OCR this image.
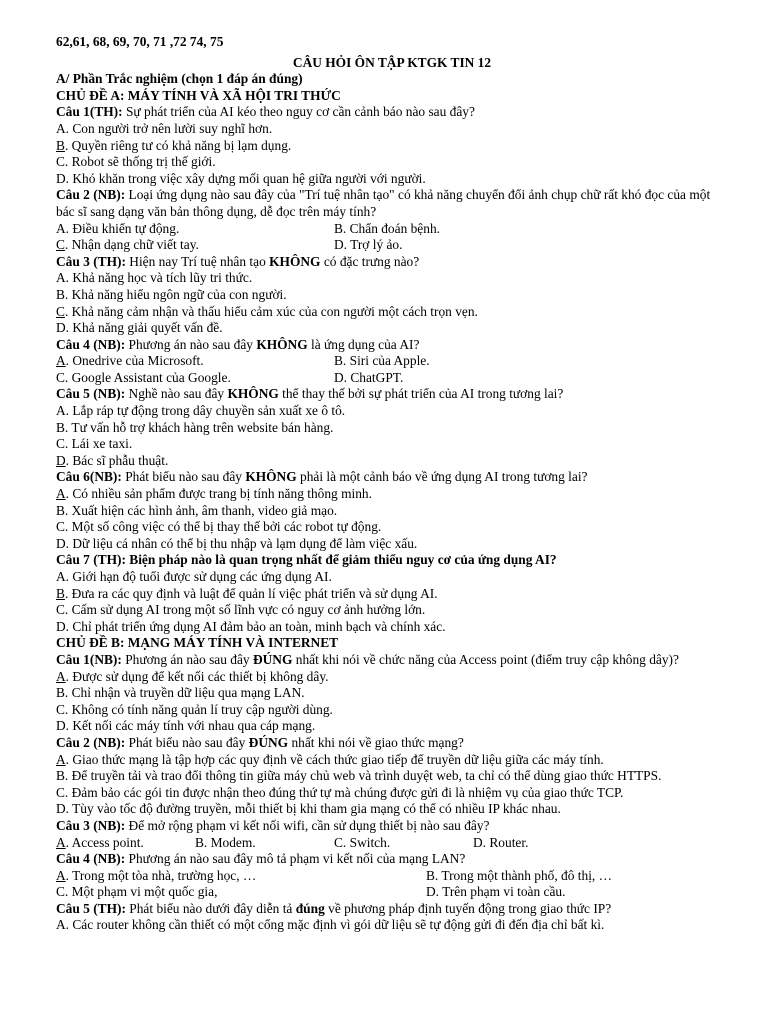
62,61, 68, 69, 70, 71 ,72 74, 75
CÂU HỎI ÔN TẬP KTGK TIN 12
A/ Phần Trắc nghiệm (chọn 1 đáp án đúng)
CHỦ ĐỀ A: MÁY TÍNH VÀ XÃ HỘI TRI THỨC
Câu 1(TH): Sự phát triển của AI kéo theo nguy cơ cần cảnh báo nào sau đây?
A. Con người trở nên lười suy nghĩ hơn.
B. Quyền riêng tư có khả năng bị lạm dụng.
C. Robot sẽ thống trị thế giới.
D. Khó khăn trong việc xây dựng mối quan hệ giữa người với người.
Câu 2 (NB): Loại ứng dụng nào sau đây của "Trí tuệ nhân tạo" có khả năng chuyển đổi ảnh chụp chữ rất khó đọc của một bác sĩ sang dạng văn bản thông dụng, dễ đọc trên máy tính?
A. Điều khiển tự động.	B. Chẩn đoán bệnh.
C. Nhận dạng chữ viết tay.	D. Trợ lý ảo.
Câu 3 (TH): Hiện nay Trí tuệ nhân tạo KHÔNG có đặc trưng nào?
A. Khả năng học và tích lũy tri thức.
B. Khả năng hiểu ngôn ngữ của con người.
C. Khả năng cảm nhận và thấu hiểu cảm xúc của con người một cách trọn vẹn.
D. Khả năng giải quyết vấn đề.
Câu 4 (NB): Phương án nào sau đây KHÔNG là ứng dụng của AI?
A. Onedrive của Microsoft.	B. Siri của Apple.
C. Google Assistant của Google.	D. ChatGPT.
Câu 5 (NB): Nghề nào sau đây KHÔNG thể thay thế bởi sự phát triển của AI trong tương lai?
A. Lắp ráp tự động trong dây chuyền sản xuất xe ô tô.
B. Tư vấn hỗ trợ khách hàng trên website bán hàng.
C. Lái xe taxi.
D. Bác sĩ phẫu thuật.
Câu 6(NB): Phát biểu nào sau đây KHÔNG phải là một cảnh báo về ứng dụng AI trong tương lai?
A. Có nhiều sản phẩm được trang bị tính năng thông minh.
B. Xuất hiện các hình ảnh, âm thanh, video giả mạo.
C. Một số công việc có thể bị thay thế bởi các robot tự động.
D. Dữ liệu cá nhân có thể bị thu nhập và lạm dụng để làm việc xấu.
Câu 7 (TH): Biện pháp nào là quan trọng nhất để giảm thiểu nguy cơ của ứng dụng AI?
A. Giới hạn độ tuổi được sử dụng các ứng dụng AI.
B. Đưa ra các quy định và luật để quản lí việc phát triển và sử dụng AI.
C. Cấm sử dụng AI trong một số lĩnh vực có nguy cơ ảnh hưởng lớn.
D. Chỉ phát triển ứng dụng AI đảm bảo an toàn, minh bạch và chính xác.
CHỦ ĐỀ B: MẠNG MÁY TÍNH VÀ INTERNET
Câu 1(NB): Phương án nào sau đây ĐÚNG nhất khi nói về chức năng của Access point (điểm truy cập không dây)?
A. Được sử dụng để kết nối các thiết bị không dây.
B. Chỉ nhận và truyền dữ liệu qua mạng LAN.
C. Không có tính năng quản lí truy cập người dùng.
D. Kết nối các máy tính với nhau qua cáp mạng.
Câu 2 (NB): Phát biểu nào sau đây ĐÚNG nhất khi nói về giao thức mạng?
A. Giao thức mạng là tập hợp các quy định về cách thức giao tiếp để truyền dữ liệu giữa các máy tính.
B. Để truyền tải và trao đổi thông tin giữa máy chủ web và trình duyệt web, ta chỉ có thể dùng giao thức HTTPS.
C. Đảm bảo các gói tin được nhận theo đúng thứ tự mà chúng được gửi đi là nhiệm vụ của giao thức TCP.
D. Tùy vào tốc độ đường truyền, mỗi thiết bị khi tham gia mạng có thể có nhiều IP khác nhau.
Câu 3 (NB): Để mở rộng phạm vi kết nối wifi, cần sử dụng thiết bị nào sau đây?
A. Access point.	B. Modem.	C. Switch.	D. Router.
Câu 4 (NB): Phương án nào sau đây mô tả phạm vi kết nối của mạng LAN?
A. Trong một tòa nhà, trường học, …	B. Trong một thành phố, đô thị, …
C. Một phạm vi một quốc gia,	D. Trên phạm vi toàn cầu.
Câu 5 (TH): Phát biểu nào dưới đây diễn tả đúng về phương pháp định tuyến động trong giao thức IP?
A. Các router không cần thiết có một cổng mặc định vì gói dữ liệu sẽ tự động gửi đi đến địa chỉ bất kì.
